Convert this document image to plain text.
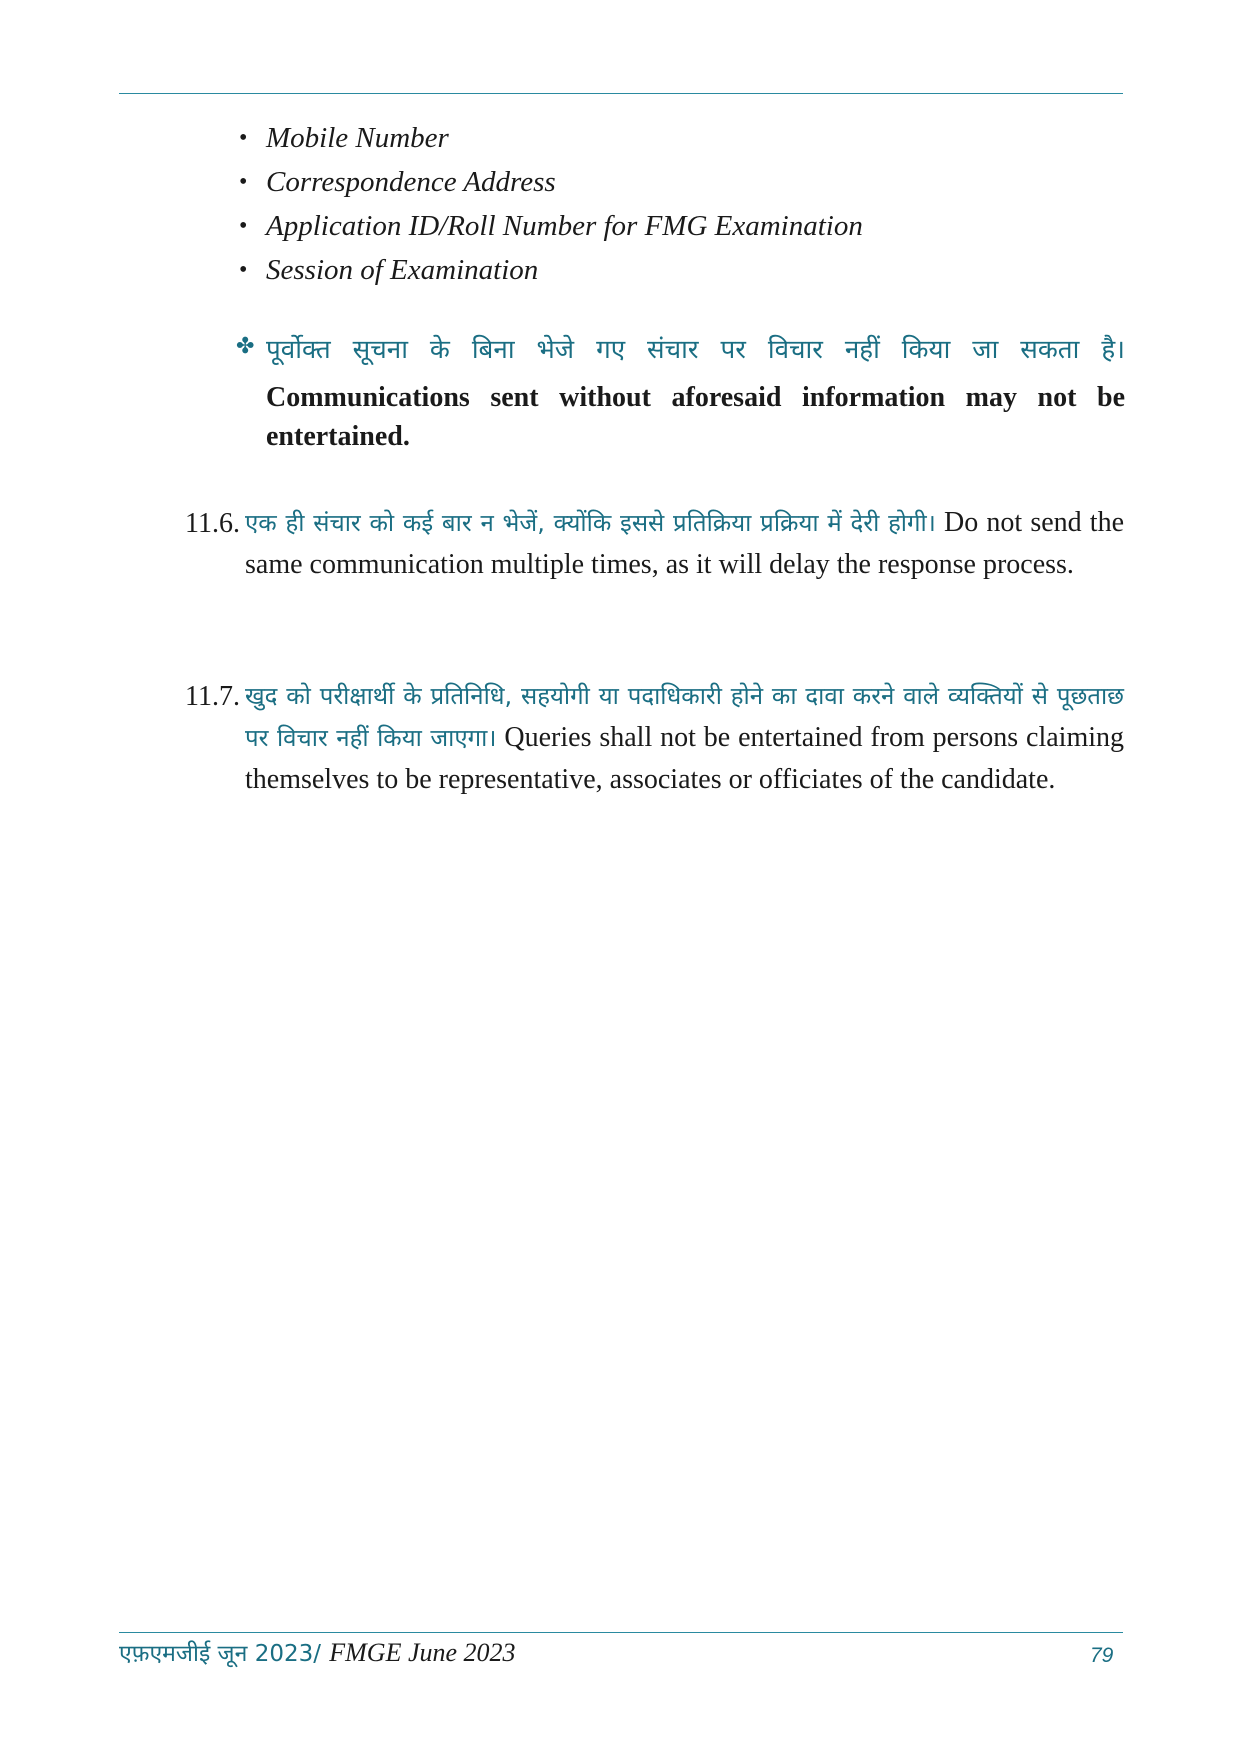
• Mobile Number
• Correspondence Address
• Application ID/Roll Number for FMG Examination
• Session of Examination
✤ पूर्वोक्त सूचना के बिना भेजे गए संचार पर विचार नहीं किया जा सकता है।
Communications sent without aforesaid information may not be entertained.
11.6. एक ही संचार को कई बार न भेजें, क्योंकि इससे प्रतिक्रिया प्रक्रिया में देरी होगी। Do not send the same communication multiple times, as it will delay the response process.
11.7. खुद को परीक्षार्थी के प्रतिनिधि, सहयोगी या पदाधिकारी होने का दावा करने वाले व्यक्तियों से पूछताछ पर विचार नहीं किया जाएगा। Queries shall not be entertained from persons claiming themselves to be representative, associates or officiates of the candidate.
एफ़एमजीई जून 2023/ FMGE June 2023	79
